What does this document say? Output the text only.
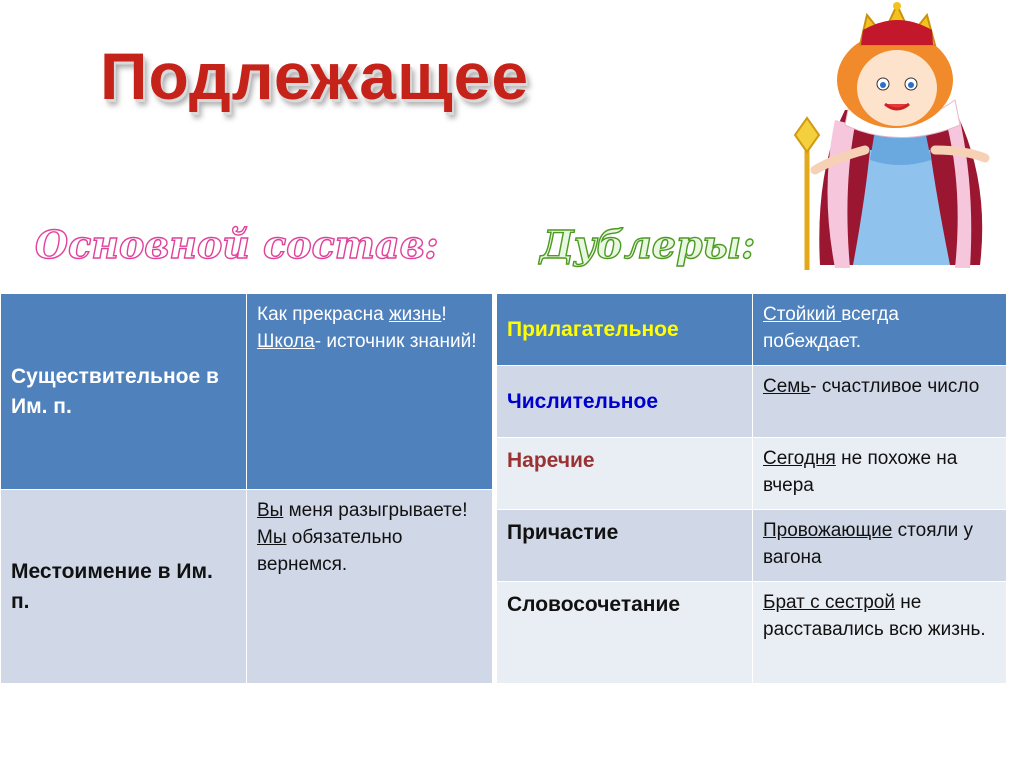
Подлежащее
Основной состав:	Дублеры:
Существительное в Им. п.	Как прекрасна жизнь!
Школа- источник знаний!
Местоимение в Им. п.	Вы меня разыгрываете!
Мы обязательно вернемся.
Прилагательное	Стойкий всегда побеждает.
Числительное	Семь- счастливое число
Наречие	Сегодня не похоже на вчера
Причастие	Провожающие стояли у вагона
Словосочетание	Брат с сестрой не расставались всю жизнь.
